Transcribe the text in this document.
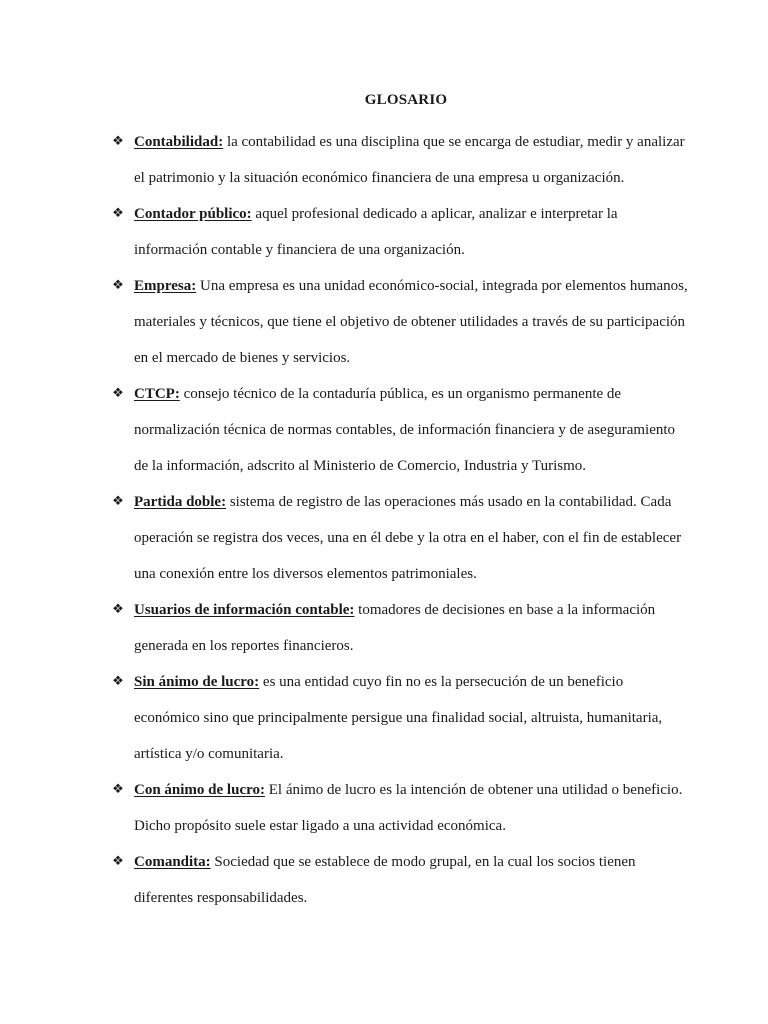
GLOSARIO
❖ Contabilidad: la contabilidad es una disciplina que se encarga de estudiar, medir y analizar el patrimonio y la situación económico financiera de una empresa u organización.
❖ Contador público: aquel profesional dedicado a aplicar, analizar e interpretar la información contable y financiera de una organización.
❖ Empresa: Una empresa es una unidad económico-social, integrada por elementos humanos, materiales y técnicos, que tiene el objetivo de obtener utilidades a través de su participación en el mercado de bienes y servicios.
❖ CTCP: consejo técnico de la contaduría pública, es un organismo permanente de normalización técnica de normas contables, de información financiera y de aseguramiento de la información, adscrito al Ministerio de Comercio, Industria y Turismo.
❖ Partida doble: sistema de registro de las operaciones más usado en la contabilidad. Cada operación se registra dos veces, una en él debe y la otra en el haber, con el fin de establecer una conexión entre los diversos elementos patrimoniales.
❖ Usuarios de información contable: tomadores de decisiones en base a la información generada en los reportes financieros.
❖ Sin ánimo de lucro: es una entidad cuyo fin no es la persecución de un beneficio económico sino que principalmente persigue una finalidad social, altruista, humanitaria, artística y/o comunitaria.
❖ Con ánimo de lucro: El ánimo de lucro es la intención de obtener una utilidad o beneficio. Dicho propósito suele estar ligado a una actividad económica.
❖ Comandita: Sociedad que se establece de modo grupal, en la cual los socios tienen diferentes responsabilidades.
